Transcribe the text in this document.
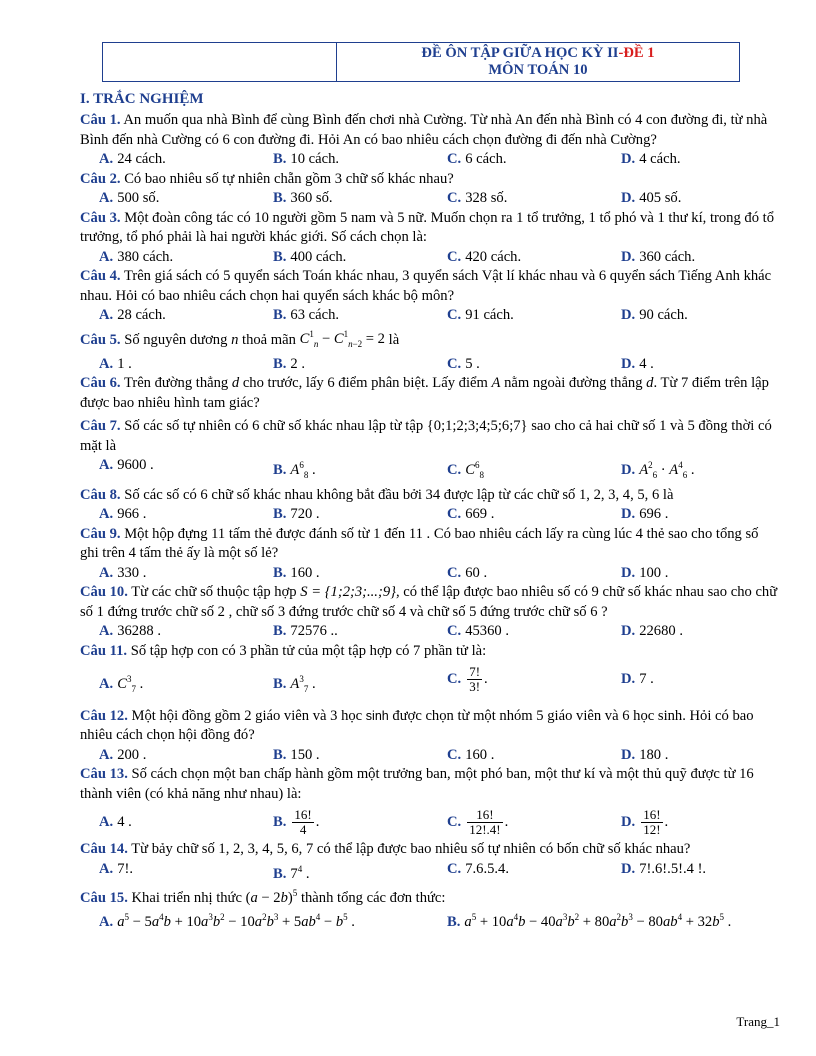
ĐỀ ÔN TẬP GIỮA HỌC KỲ II-ĐỀ 1
MÔN TOÁN 10
I. TRẮC NGHIỆM
Câu 1. An muốn qua nhà Bình để cùng Bình đến chơi nhà Cường. Từ nhà An đến nhà Bình có 4 con đường đi, từ nhà Bình đến nhà Cường có 6 con đường đi. Hỏi An có bao nhiêu cách chọn đường đi đến nhà Cường?
A. 24 cách.	B. 10 cách.	C. 6 cách.	D. 4 cách.
Câu 2. Có bao nhiêu số tự nhiên chẵn gồm 3 chữ số khác nhau?
A. 500 số.	B. 360 số.	C. 328 số.	D. 405 số.
Câu 3. Một đoàn công tác có 10 người gồm 5 nam và 5 nữ. Muốn chọn ra 1 tổ trưởng, 1 tổ phó và 1 thư kí, trong đó tổ trưởng, tổ phó phải là hai người khác giới. Số cách chọn là:
A. 380 cách.	B. 400 cách.	C. 420 cách.	D. 360 cách.
Câu 4. Trên giá sách có 5 quyển sách Toán khác nhau, 3 quyển sách Vật lí khác nhau và 6 quyển sách Tiếng Anh khác nhau. Hỏi có bao nhiêu cách chọn hai quyển sách khác bộ môn?
A. 28 cách.	B. 63 cách.	C. 91 cách.	D. 90 cách.
Câu 5. Số nguyên dương n thoả mãn $C^1_n - C^1_{n-2} = 2$ là
A. 1 .	B. 2 .	C. 5 .	D. 4 .
Câu 6. Trên đường thẳng d cho trước, lấy 6 điểm phân biệt. Lấy điểm A nằm ngoài đường thẳng d. Từ 7 điểm trên lập được bao nhiêu hình tam giác?
Câu 7. Số các số tự nhiên có 6 chữ số khác nhau lập từ tập {0;1;2;3;4;5;6;7} sao cho cả hai chữ số 1 và 5 đồng thời có mặt là
A. 9600 .	B. $A^6_8$ .	C. $C^6_8$	D. $A^2_6 \cdot A^4_6$ .
Câu 8. Số các số có 6 chữ số khác nhau không bắt đầu bởi 34 được lập từ các chữ số 1, 2, 3, 4, 5, 6 là
A. 966 .	B. 720 .	C. 669 .	D. 696 .
Câu 9. Một hộp đựng 11 tấm thẻ được đánh số từ 1 đến 11 . Có bao nhiêu cách lấy ra cùng lúc 4 thẻ sao cho tổng số ghi trên 4 tấm thẻ ấy là một số lẻ?
A. 330 .	B. 160 .	C. 60 .	D. 100 .
Câu 10. Từ các chữ số thuộc tập hợp S = {1;2;3;...;9}, có thể lập được bao nhiêu số có 9 chữ số khác nhau sao cho chữ số 1 đứng trước chữ số 2 , chữ số 3 đứng trước chữ số 4 và chữ số 5 đứng trước chữ số 6 ?
A. 36288 .	B. 72576 ..	C. 45360 .	D. 22680 .
Câu 11. Số tập hợp con có 3 phần tử của một tập hợp có 7 phần tử là:
A. $C^3_7$ .	B. $A^3_7$ .	C. $\frac{7!}{3!}$ .	D. 7 .
Câu 12. Một hội đồng gồm 2 giáo viên và 3 học sinh được chọn từ một nhóm 5 giáo viên và 6 học sinh. Hỏi có bao nhiêu cách chọn hội đồng đó?
A. 200 .	B. 150 .	C. 160 .	D. 180 .
Câu 13. Số cách chọn một ban chấp hành gồm một trưởng ban, một phó ban, một thư kí và một thủ quỹ được từ 16 thành viên (có khả năng như nhau) là:
A. 4 .	B. $\frac{16!}{4}$ .	C. $\frac{16!}{12!.4!}$ .	D. $\frac{16!}{12!}$ .
Câu 14. Từ bảy chữ số 1, 2, 3, 4, 5, 6, 7 có thể lập được bao nhiêu số tự nhiên có bốn chữ số khác nhau?
A. 7!.	B. $7^4$ .	C. 7.6.5.4.	D. 7!.6!.5!.4 !.
Câu 15. Khai triển nhị thức $(a - 2b)^5$ thành tổng các đơn thức:
A. $a^5 - 5a^4b + 10a^3b^2 - 10a^2b^3 + 5ab^4 - b^5$ .	B. $a^5 + 10a^4b - 40a^3b^2 + 80a^2b^3 - 80ab^4 + 32b^5$ .
Trang_1
